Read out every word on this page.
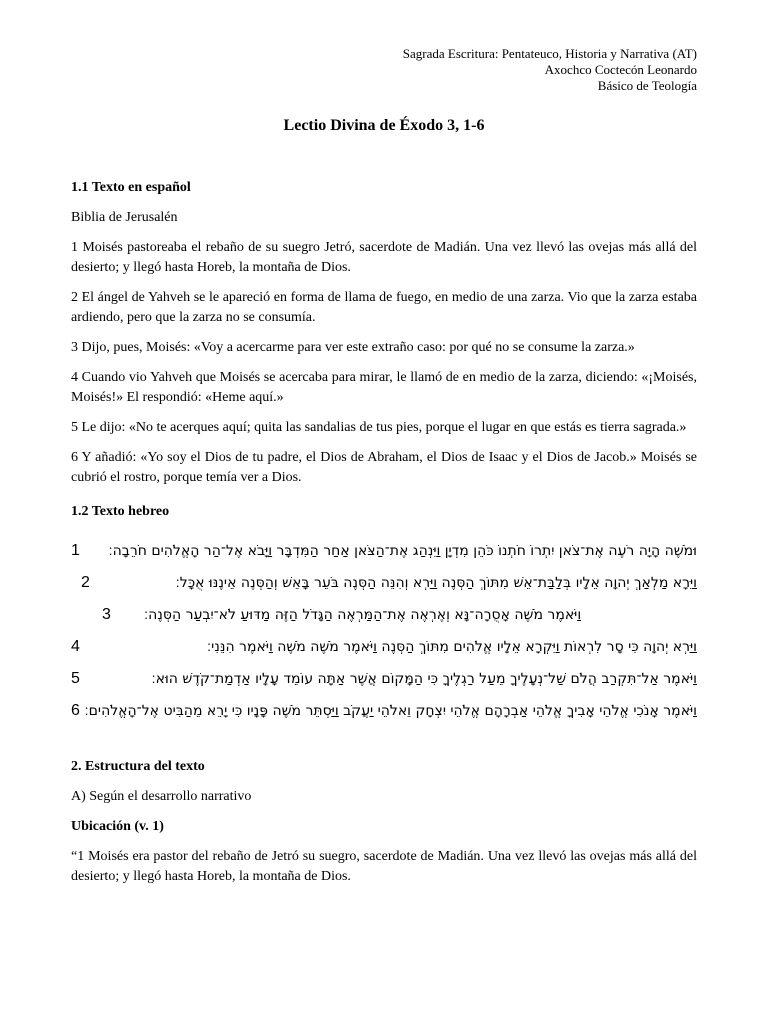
Sagrada Escritura: Pentateuco, Historia y Narrativa (AT)
Axochco Coctecón Leonardo
Básico de Teología
Lectio Divina de Éxodo 3, 1-6
1.1 Texto en español

Biblia de Jerusalén

1 Moisés pastoreaba el rebaño de su suegro Jetró, sacerdote de Madián. Una vez llevó las ovejas más allá del desierto; y llegó hasta Horeb, la montaña de Dios.

2 El ángel de Yahveh se le apareció en forma de llama de fuego, en medio de una zarza. Vio que la zarza estaba ardiendo, pero que la zarza no se consumía.

3 Dijo, pues, Moisés: «Voy a acercarme para ver este extraño caso: por qué no se consume la zarza.»

4 Cuando vio Yahveh que Moisés se acercaba para mirar, le llamó de en medio de la zarza, diciendo: «¡Moisés, Moisés!» El respondió: «Heme aquí.»

5 Le dijo: «No te acerques aquí; quita las sandalias de tus pies, porque el lugar en que estás es tierra sagrada.»

6 Y añadió: «Yo soy el Dios de tu padre, el Dios de Abraham, el Dios de Isaac y el Dios de Jacob.» Moisés se cubrió el rostro, porque temía ver a Dios.

1.2 Texto hebreo
1	וּמֹשֶׁה הָיָה רֹעֶה אֶת־צֹאן יִתְרוֹ חֹתְנוֹ כֹּהֵן מִדְיָן וַיִּנְהַג אֶת־הַצֹּאן אַחַר הַמִּדְבָּר וַיָּבֹא אֶל־הַר הָאֱלֹהִים חֹרֵבָה׃
2	וַיֵּרָא מַלְאַךְ יְהוָה אֵלָיו בְּלַבַּת־אֵשׁ מִתּוֹךְ הַסְּנֶה וַיַּרְא וְהִנֵּה הַסְּנֶה בֹּעֵר בָּאֵשׁ וְהַסְּנֶה אֵינֶנּוּ אֻכָּל׃
3	וַיֹּאמֶר מֹשֶׁה אָסֻרָה־נָּא וְאֶרְאֶה אֶת־הַמַּרְאֶה הַגָּדֹל הַזֶּה מַדּוּעַ לֹא־יִבְעַר הַסְּנֶה׃
4	וַיַּרְא יְהוָה כִּי סָר לִרְאוֹת וַיִּקְרָא אֵלָיו אֱלֹהִים מִתּוֹךְ הַסְּנֶה וַיֹּאמֶר מֹשֶׁה מֹשֶׁה וַיֹּאמֶר הִנֵּנִי׃
5	וַיֹּאמֶר אַל־תִּקְרַב הֲלֹם שַׁל־נְעָלֶיךָ מֵעַל רַגְלֶיךָ כִּי הַמָּקוֹם אֲשֶׁר אַתָּה עוֹמֵד עָלָיו אַדְמַת־קֹדֶשׁ הוּא׃
6 וַיֹּאמֶר אָנֹכִי אֱלֹהֵי אָבִיךָ אֱלֹהֵי אַבְרָהָם אֱלֹהֵי יִצְחָק וֵאלֹהֵי יַעֲקֹב וַיַּסְתֵּר מֹשֶׁה פָּנָיו כִּי יָרֵא מֵהַבִּיט אֶל־הָאֱלֹהִים׃
2. Estructura del texto

A) Según el desarrollo narrativo

Ubicación (v. 1)

“1 Moisés era pastor del rebaño de Jetró su suegro, sacerdote de Madián. Una vez llevó las ovejas más allá del desierto; y llegó hasta Horeb, la montaña de Dios.
